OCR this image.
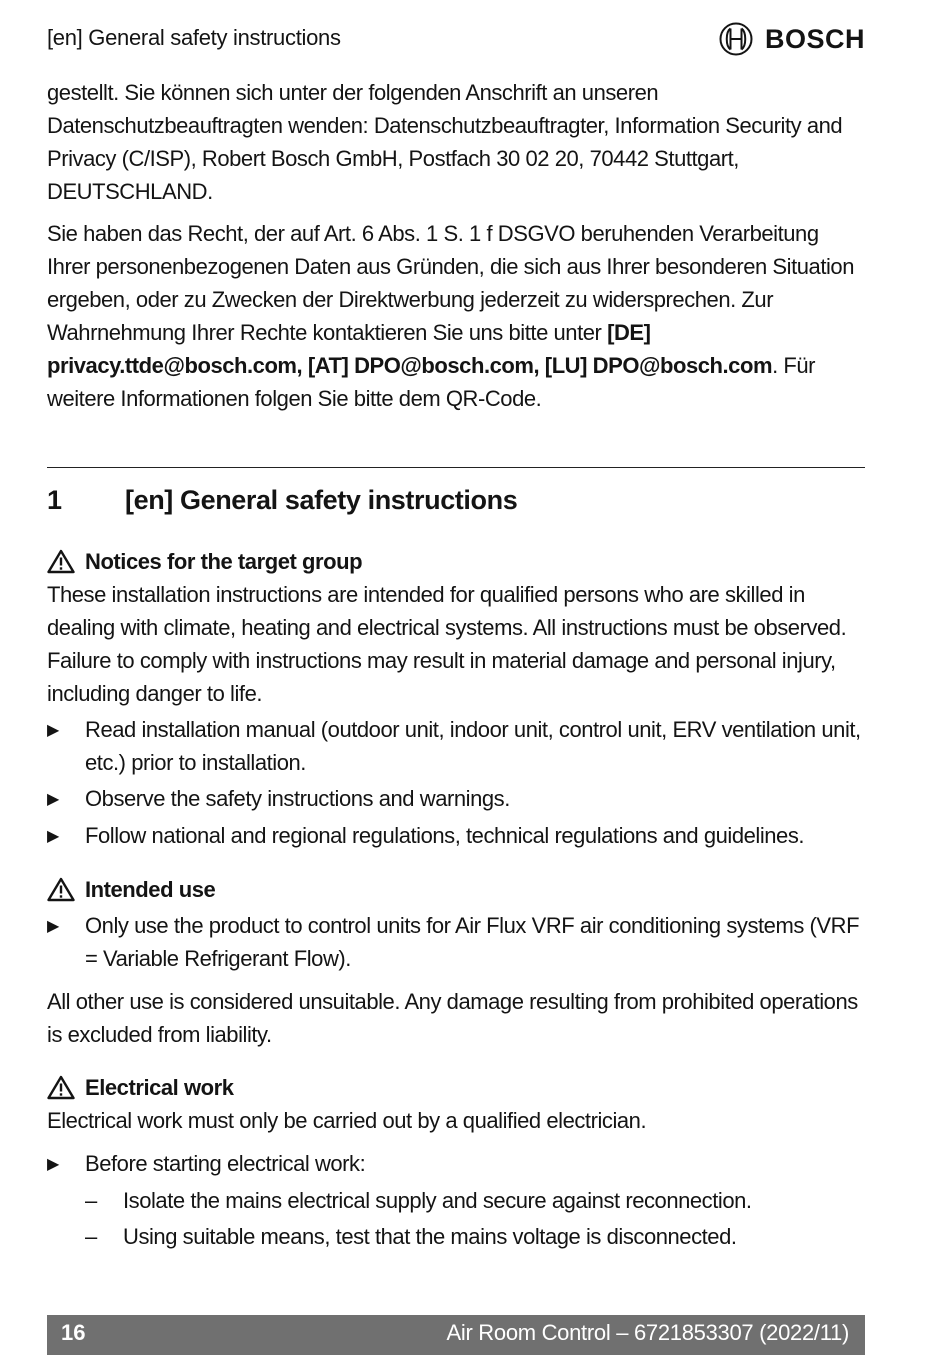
[en] General safety instructions	BOSCH

gestellt. Sie können sich unter der folgenden Anschrift an unseren Datenschutzbeauftragten wenden: Datenschutzbeauftragter, Information Security and Privacy (C/ISP), Robert Bosch GmbH, Postfach 30 02 20, 70442 Stuttgart, DEUTSCHLAND.

Sie haben das Recht, der auf Art. 6 Abs. 1 S. 1 f DSGVO beruhenden Verarbeitung Ihrer personenbezogenen Daten aus Gründen, die sich aus Ihrer besonderen Situation ergeben, oder zu Zwecken der Direktwerbung jederzeit zu widersprechen. Zur Wahrnehmung Ihrer Rechte kontaktieren Sie uns bitte unter [DE] privacy.ttde@bosch.com, [AT] DPO@bosch.com, [LU] DPO@bosch.com. Für weitere Informationen folgen Sie bitte dem QR-Code.

1 [en] General safety instructions
Notices for the target group

These installation instructions are intended for qualified persons who are skilled in dealing with climate, heating and electrical systems. All instructions must be observed. Failure to comply with instructions may result in material damage and personal injury, including danger to life.

▶	Read installation manual (outdoor unit, indoor unit, control unit, ERV ventilation unit, etc.) prior to installation.
▶	Observe the safety instructions and warnings.
▶	Follow national and regional regulations, technical regulations and guidelines.
Intended use
▶	Only use the product to control units for Air Flux VRF air conditioning systems (VRF = Variable Refrigerant Flow).

All other use is considered unsuitable. Any damage resulting from prohibited operations is excluded from liability.

Electrical work

Electrical work must only be carried out by a qualified electrician.

▶	Before starting electrical work:
–	Isolate the mains electrical supply and secure against reconnection.
–	Using suitable means, test that the mains voltage is disconnected.
16	Air Room Control – 6721853307 (2022/11)
